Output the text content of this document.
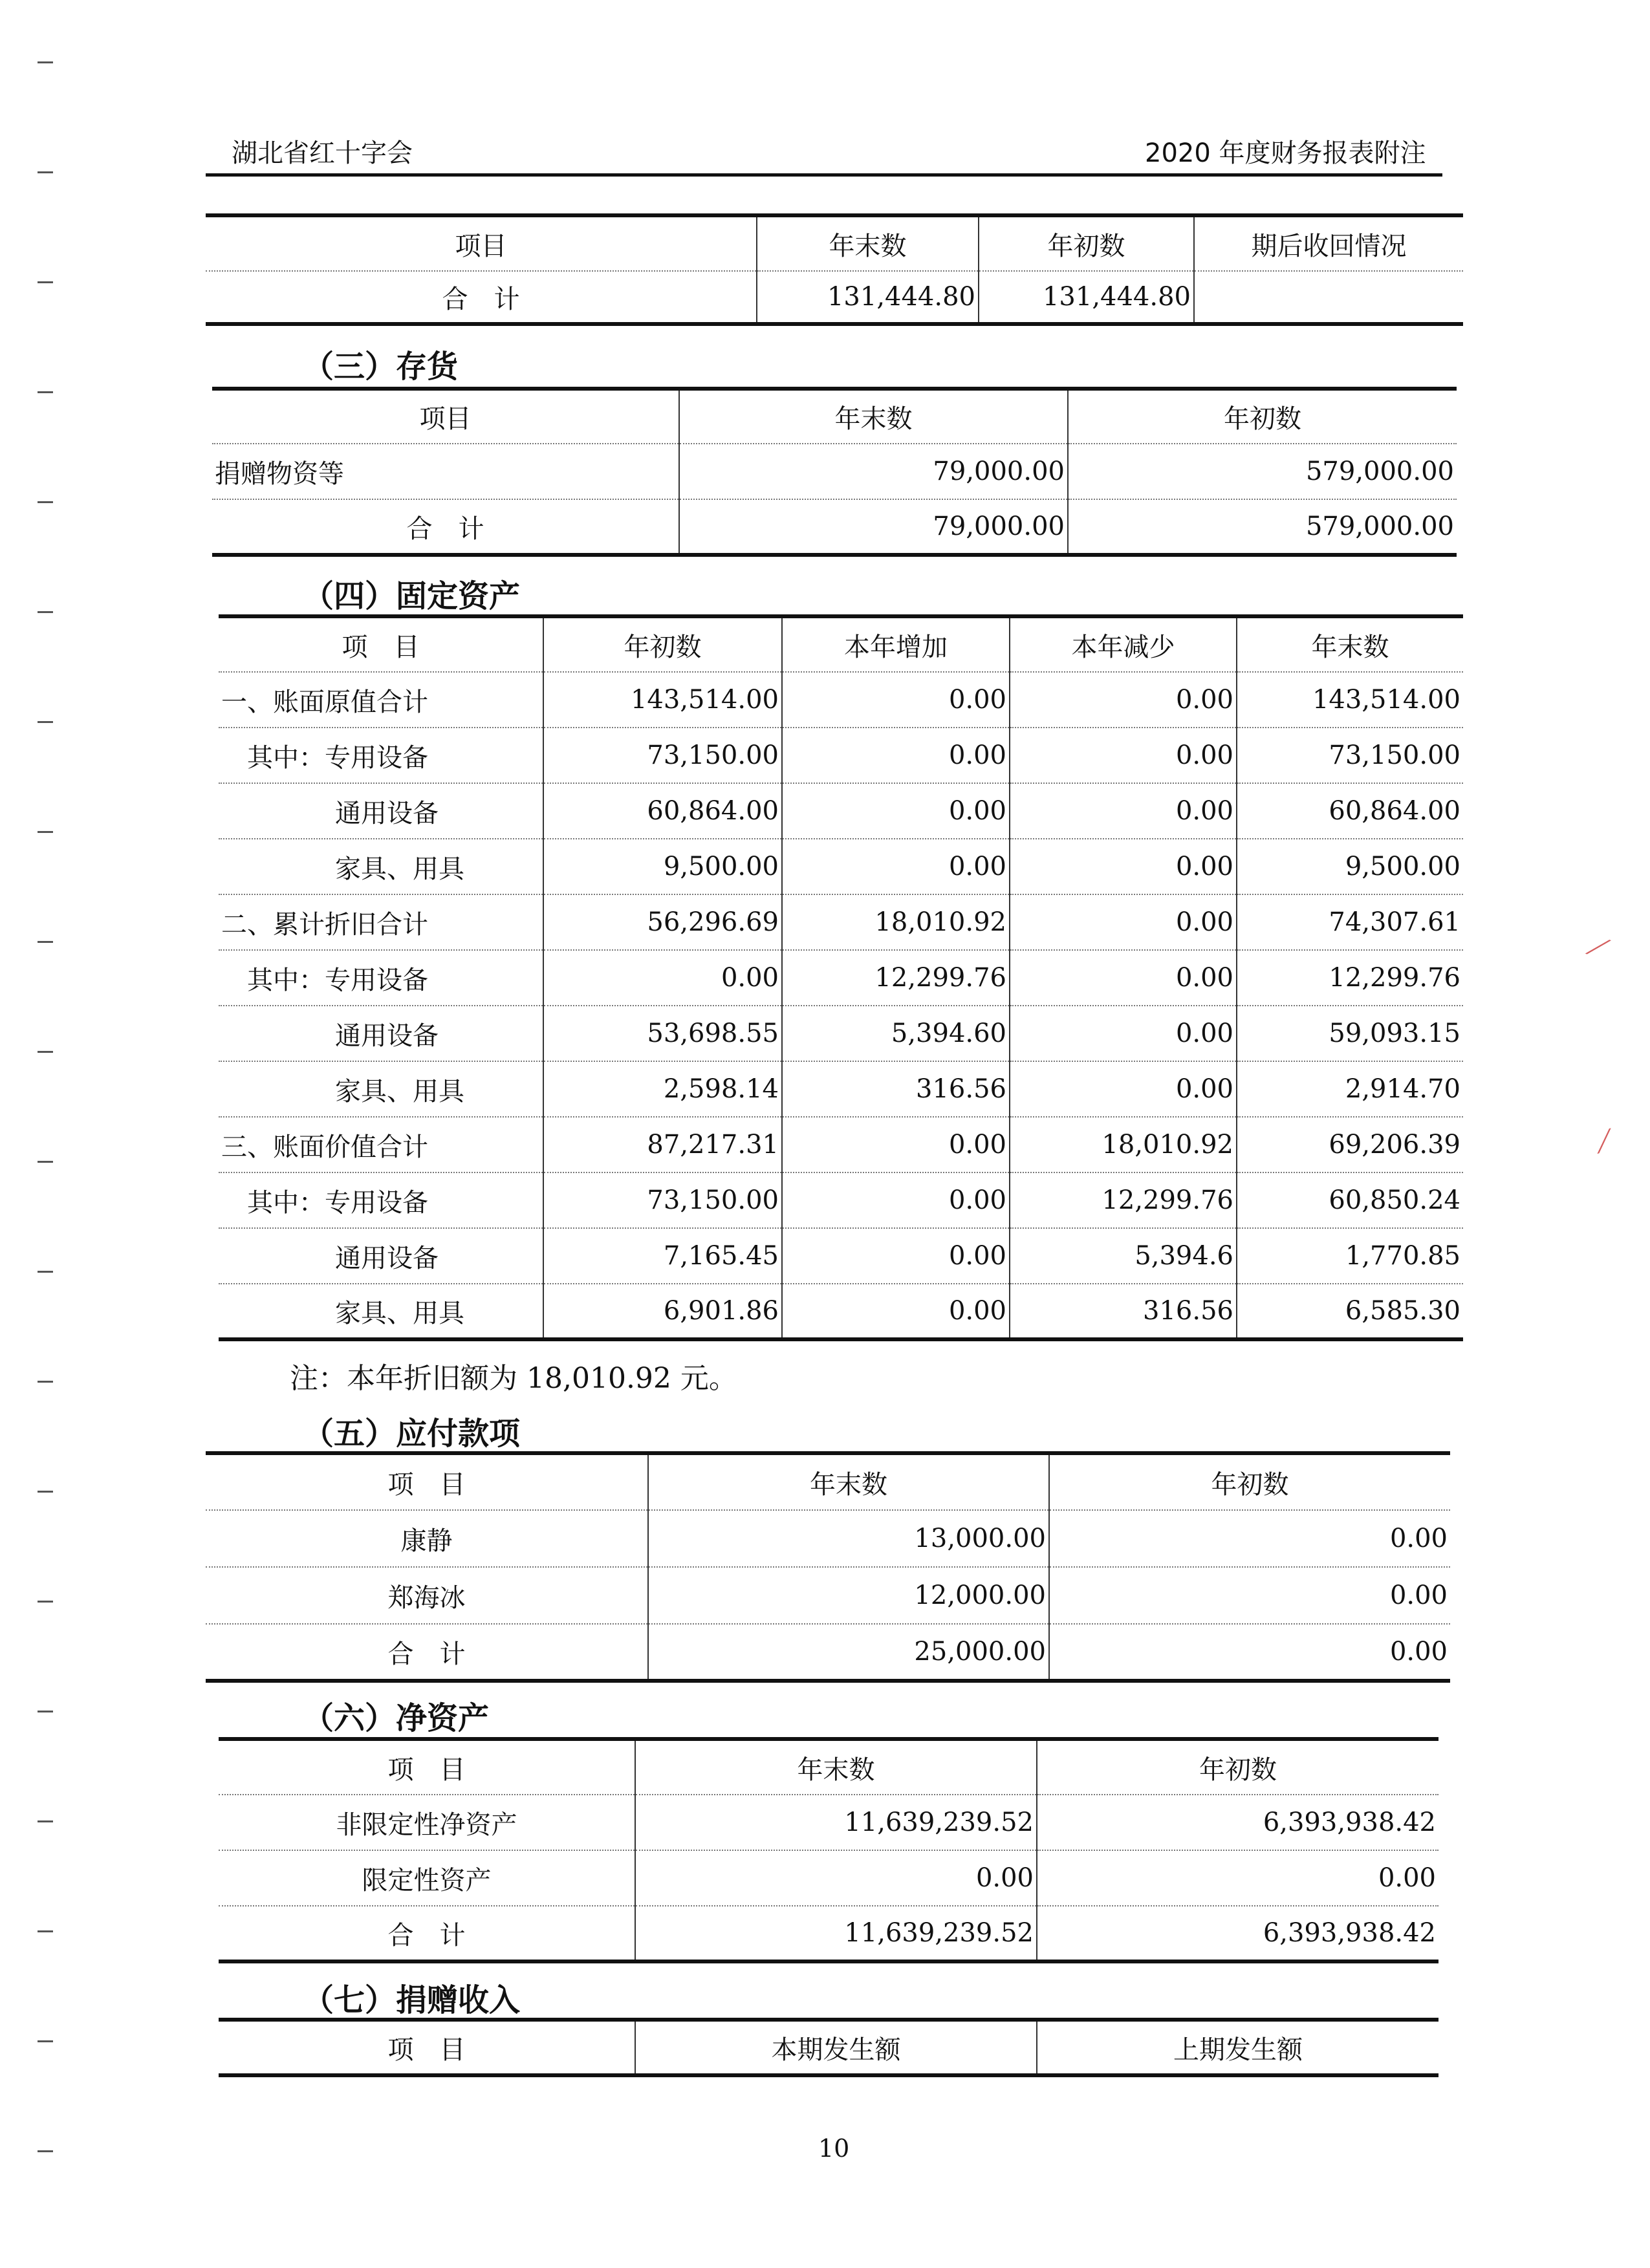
湖北省红十字会	2020 年度财务报表附注
项目	年末数	年初数	期后收回情况
合　计	131,444.80	131,444.80	
（三）存货
项目	年末数	年初数
捐赠物资等	79,000.00	579,000.00
合　计	79,000.00	579,000.00
（四）固定资产
项　目	年初数	本年增加	本年减少	年末数
一、账面原值合计	143,514.00	0.00	0.00	143,514.00
其中：专用设备	73,150.00	0.00	0.00	73,150.00
通用设备	60,864.00	0.00	0.00	60,864.00
家具、用具	9,500.00	0.00	0.00	9,500.00
二、累计折旧合计	56,296.69	18,010.92	0.00	74,307.61
其中：专用设备	0.00	12,299.76	0.00	12,299.76
通用设备	53,698.55	5,394.60	0.00	59,093.15
家具、用具	2,598.14	316.56	0.00	2,914.70
三、账面价值合计	87,217.31	0.00	18,010.92	69,206.39
其中：专用设备	73,150.00	0.00	12,299.76	60,850.24
通用设备	7,165.45	0.00	5,394.6	1,770.85
家具、用具	6,901.86	0.00	316.56	6,585.30
注：本年折旧额为 18,010.92 元。
（五）应付款项
项　目	年末数	年初数
康静	13,000.00	0.00
郑海冰	12,000.00	0.00
合　计	25,000.00	0.00
（六）净资产
项　目	年末数	年初数
非限定性净资产	11,639,239.52	6,393,938.42
限定性资产	0.00	0.00
合　计	11,639,239.52	6,393,938.42
（七）捐赠收入
项　目	本期发生额	上期发生额
10
⟋
⟋
